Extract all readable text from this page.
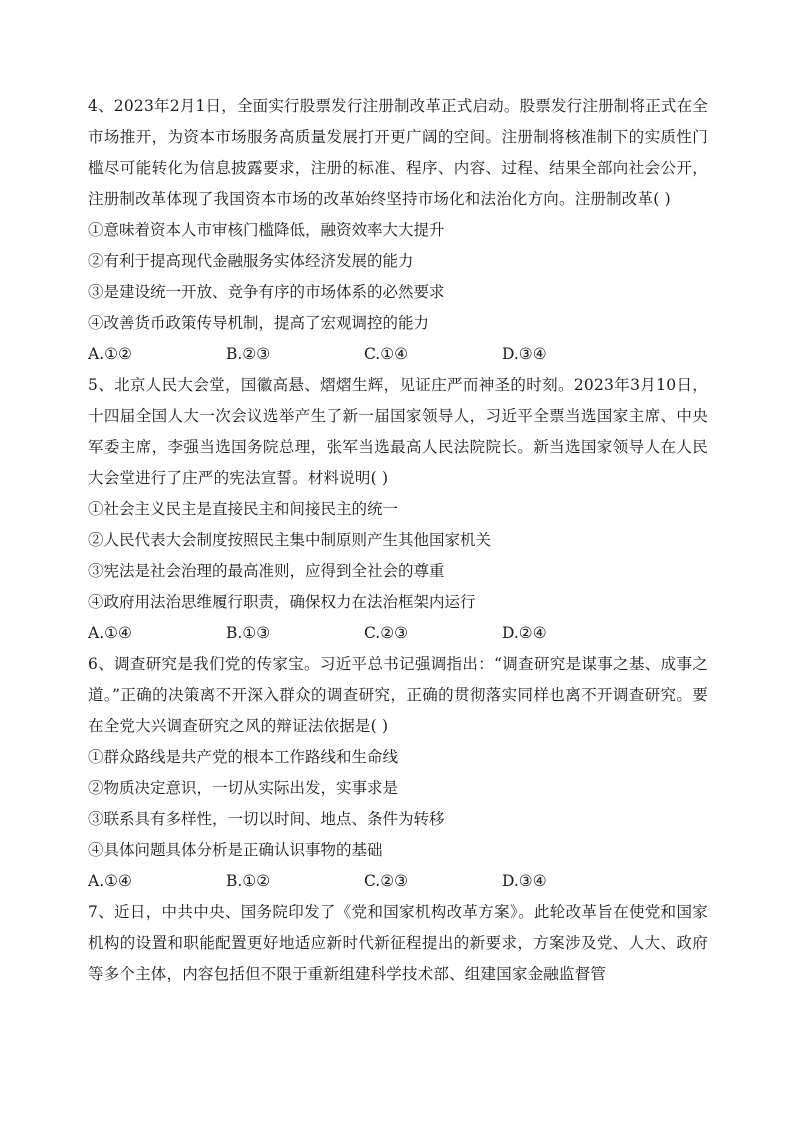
4、2023年2月1日，全面实行股票发行注册制改革正式启动。股票发行注册制将正式在全市场推开，为资本市场服务高质量发展打开更广阔的空间。注册制将核准制下的实质性门槛尽可能转化为信息披露要求，注册的标准、程序、内容、过程、结果全部向社会公开，注册制改革体现了我国资本市场的改革始终坚持市场化和法治化方向。注册制改革( )

①意味着资本人市审核门槛降低，融资效率大大提升

②有利于提高现代金融服务实体经济发展的能力

③是建设统一开放、竞争有序的市场体系的必然要求

④改善货币政策传导机制，提高了宏观调控的能力

A.①②	B.②③	C.①④	D.③④

5、北京人民大会堂，国徽高悬、熠熠生辉，见证庄严而神圣的时刻。2023年3月10日，十四届全国人大一次会议选举产生了新一届国家领导人，习近平全票当选国家主席、中央军委主席，李强当选国务院总理，张军当选最高人民法院院长。新当选国家领导人在人民大会堂进行了庄严的宪法宣誓。材料说明( )

①社会主义民主是直接民主和间接民主的统一

②人民代表大会制度按照民主集中制原则产生其他国家机关

③宪法是社会治理的最高准则，应得到全社会的尊重

④政府用法治思维履行职责，确保权力在法治框架内运行

A.①④	B.①③	C.②③	D.②④

6、调查研究是我们党的传家宝。习近平总书记强调指出：“调查研究是谋事之基、成事之道。”正确的决策离不开深入群众的调查研究，正确的贯彻落实同样也离不开调查研究。要在全党大兴调查研究之风的辩证法依据是( )

①群众路线是共产党的根本工作路线和生命线

②物质决定意识，一切从实际出发，实事求是

③联系具有多样性，一切以时间、地点、条件为转移

④具体问题具体分析是正确认识事物的基础

A.①④	B.①②	C.②③	D.③④

7、近日，中共中央、国务院印发了《党和国家机构改革方案》。此轮改革旨在使党和国家机构的设置和职能配置更好地适应新时代新征程提出的新要求，方案涉及党、人大、政府等多个主体，内容包括但不限于重新组建科学技术部、组建国家金融监督管
